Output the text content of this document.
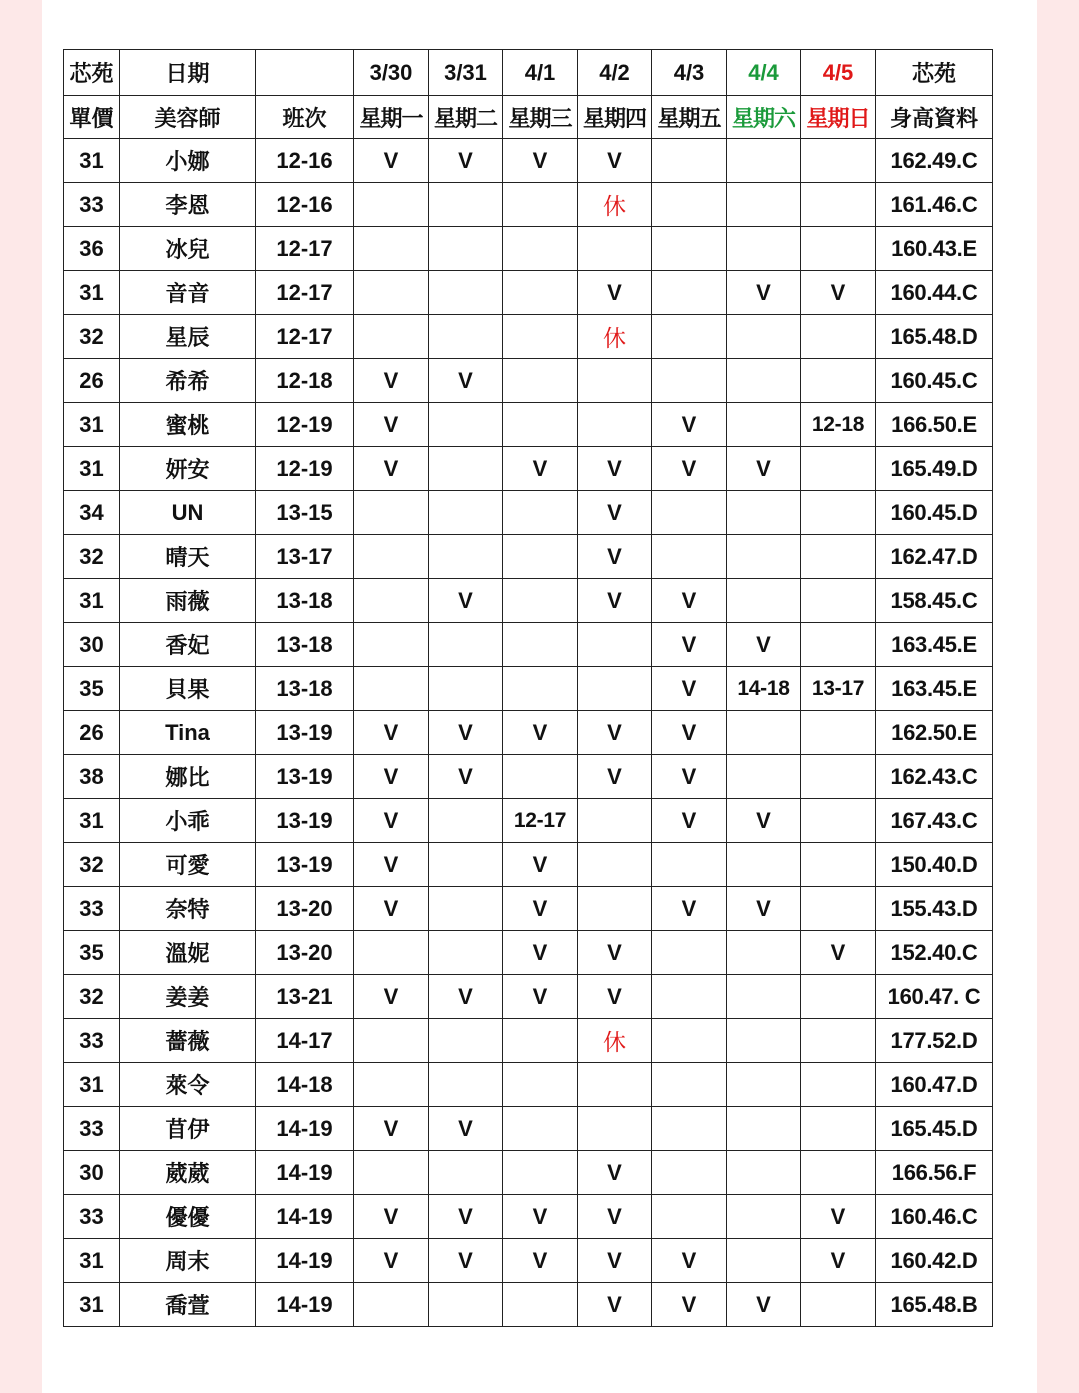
芯苑	日期		3/30	3/31	4/1	4/2	4/3	4/4	4/5	芯苑
單價	美容師	班次	星期一	星期二	星期三	星期四	星期五	星期六	星期日	身高資料
31	小娜	12-16	V	V	V	V				162.49.C
33	李恩	12-16				休				161.46.C
36	冰兒	12-17								160.43.E
31	音音	12-17				V		V	V	160.44.C
32	星辰	12-17				休				165.48.D
26	希希	12-18	V	V						160.45.C
31	蜜桃	12-19	V				V		12-18	166.50.E
31	妍安	12-19	V		V	V	V	V		165.49.D
34	UN	13-15				V				160.45.D
32	晴天	13-17				V				162.47.D
31	雨薇	13-18		V		V	V			158.45.C
30	香妃	13-18					V	V		163.45.E
35	貝果	13-18					V	14-18	13-17	163.45.E
26	Tina	13-19	V	V	V	V	V			162.50.E
38	娜比	13-19	V	V		V	V			162.43.C
31	小乖	13-19	V		12-17		V	V		167.43.C
32	可愛	13-19	V		V					150.40.D
33	奈特	13-20	V		V		V	V		155.43.D
35	溫妮	13-20			V	V			V	152.40.C
32	姜姜	13-21	V	V	V	V				160.47. C
33	薔薇	14-17				休				177.52.D
31	萊令	14-18								160.47.D
33	苜伊	14-19	V	V						165.45.D
30	葳葳	14-19				V				166.56.F
33	優優	14-19	V	V	V	V			V	160.46.C
31	周末	14-19	V	V	V	V	V		V	160.42.D
31	喬萱	14-19				V	V	V		165.48.B
